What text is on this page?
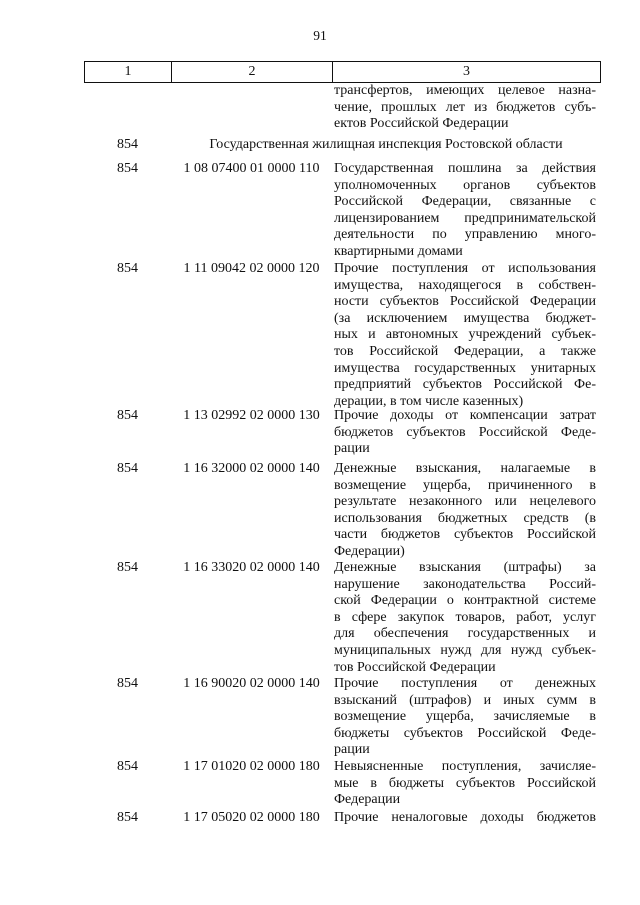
91
1	2	3
трансфертов, имеющих целевое назна-
чение, прошлых лет из бюджетов субъ-
ектов Российской Федерации
854	Государственная жилищная инспекция Ростовской области
854	1 08 07400 01 0000 110	Государственная пошлина за действия
уполномоченных органов субъектов
Российской Федерации, связанные с
лицензированием предпринимательской
деятельности по управлению много-
квартирными домами
854	1 11 09042 02 0000 120	Прочие поступления от использования
имущества, находящегося в собствен-
ности субъектов Российской Федерации
(за исключением имущества бюджет-
ных и автономных учреждений субъек-
тов Российской Федерации, а также
имущества государственных унитарных
предприятий субъектов Российской Фе-
дерации, в том числе казенных)
854	1 13 02992 02 0000 130	Прочие доходы от компенсации затрат
бюджетов субъектов Российской Феде-
рации
854	1 16 32000 02 0000 140	Денежные взыскания, налагаемые в
возмещение ущерба, причиненного в
результате незаконного или нецелевого
использования бюджетных средств (в
части бюджетов субъектов Российской
Федерации)
854	1 16 33020 02 0000 140	Денежные взыскания (штрафы) за
нарушение законодательства Россий-
ской Федерации о контрактной системе
в сфере закупок товаров, работ, услуг
для обеспечения государственных и
муниципальных нужд для нужд субъек-
тов Российской Федерации
854	1 16 90020 02 0000 140	Прочие поступления от денежных
взысканий (штрафов) и иных сумм в
возмещение ущерба, зачисляемые в
бюджеты субъектов Российской Феде-
рации
854	1 17 01020 02 0000 180	Невыясненные поступления, зачисляе-
мые в бюджеты субъектов Российской
Федерации
854	1 17 05020 02 0000 180	Прочие неналоговые доходы бюджетов
